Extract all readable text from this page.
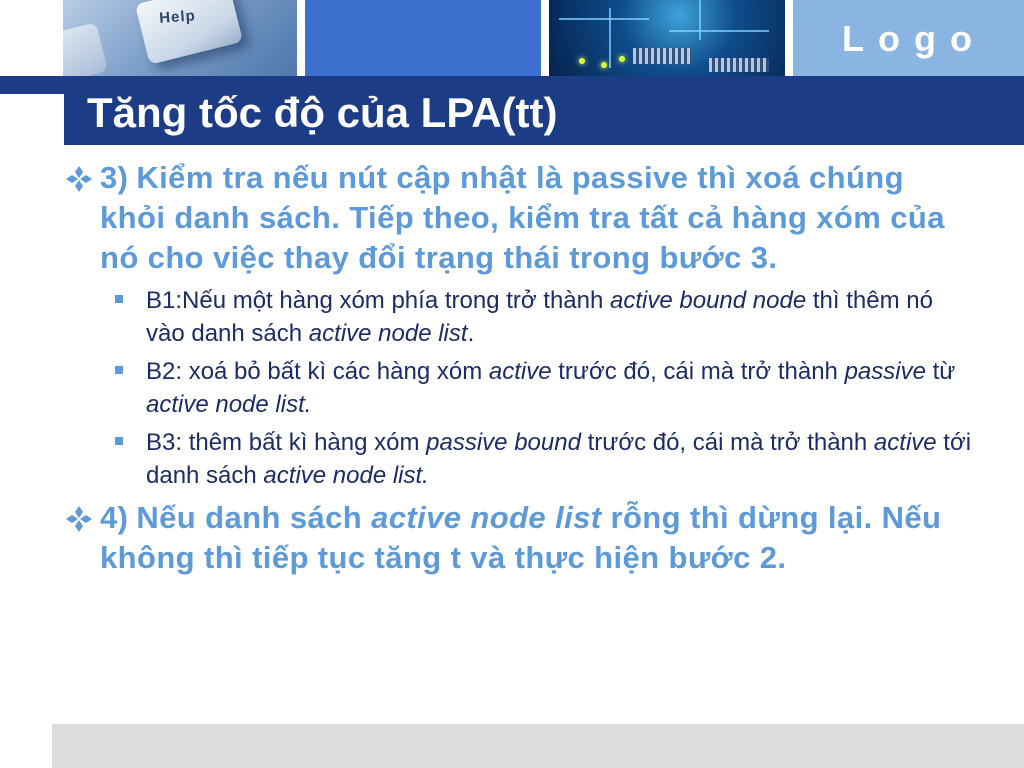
Help
Logo
Tăng tốc độ của LPA(tt)
3) Kiểm tra nếu nút cập nhật là passive thì xoá chúng khỏi danh sách. Tiếp theo, kiểm tra tất cả hàng xóm của nó cho việc thay đổi trạng thái trong bước 3.
B1:Nếu một hàng xóm phía trong trở thành active bound node thì thêm nó vào danh sách active node list.
B2: xoá bỏ bất kì các hàng xóm active trước đó, cái mà trở thành passive từ active node list.
B3: thêm bất kì hàng xóm passive bound trước đó, cái mà trở thành active tới danh sách active node list.
4) Nếu danh sách active node list rỗng thì dừng lại. Nếu không thì tiếp tục tăng t và thực hiện bước 2.
